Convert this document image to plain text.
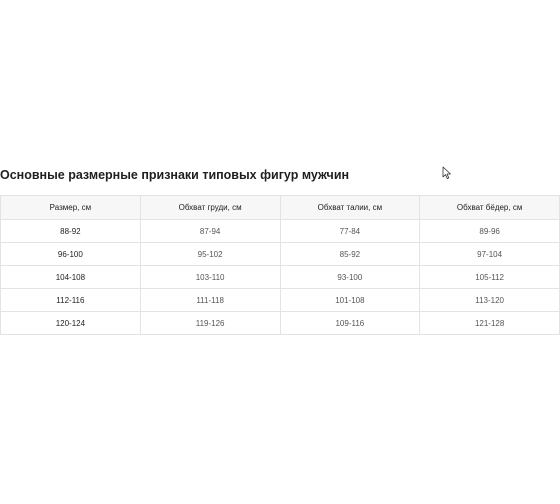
Основные размерные признаки типовых фигур мужчин
Размер, см	Обхват груди, см	Обхват талии, см	Обхват бёдер, см
88-92	87-94	77-84	89-96
96-100	95-102	85-92	97-104
104-108	103-110	93-100	105-112
112-116	111-118	101-108	113-120
120-124	119-126	109-116	121-128
